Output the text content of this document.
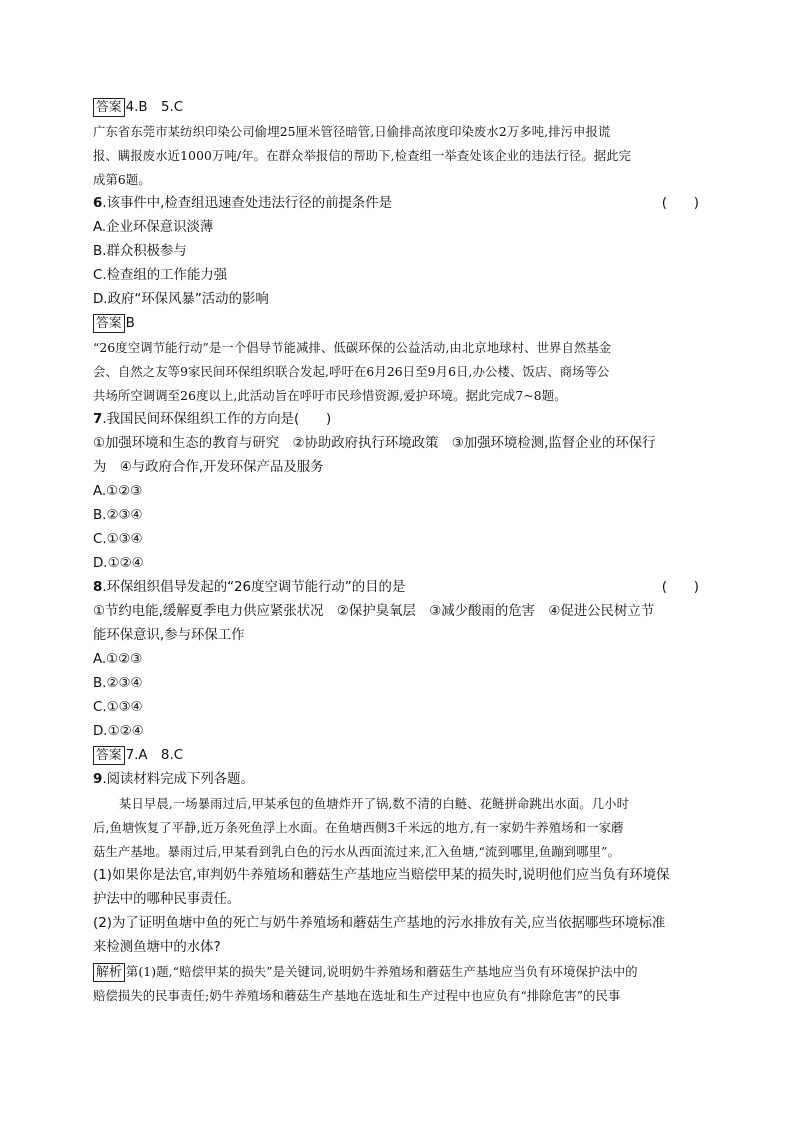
答案 4.B　5.C
广东省东莞市某纺织印染公司偷埋25厘米管径暗管,日偷排高浓度印染废水2万多吨,排污申报谎
报、瞒报废水近1000万吨/年。在群众举报信的帮助下,检查组一举查处该企业的违法行径。据此完
成第6题。
6.该事件中,检查组迅速查处违法行径的前提条件是	(　　)
A.企业环保意识淡薄
B.群众积极参与
C.检查组的工作能力强
D.政府“环保风暴”活动的影响
答案 B
“26度空调节能行动”是一个倡导节能减排、低碳环保的公益活动,由北京地球村、世界自然基金
会、自然之友等9家民间环保组织联合发起,呼吁在6月26日至9月6日,办公楼、饭店、商场等公
共场所空调调至26度以上,此活动旨在呼吁市民珍惜资源,爱护环境。据此完成7~8题。
7.我国民间环保组织工作的方向是(　　)
①加强环境和生态的教育与研究　②协助政府执行环境政策　③加强环境检测,监督企业的环保行
为　④与政府合作,开发环保产品及服务
A.①②③
B.②③④
C.①③④
D.①②④
8.环保组织倡导发起的“26度空调节能行动”的目的是	(　　)
①节约电能,缓解夏季电力供应紧张状况　②保护臭氧层　③减少酸雨的危害　④促进公民树立节
能环保意识,参与环保工作
A.①②③
B.②③④
C.①③④
D.①②④
答案 7.A　8.C
9.阅读材料完成下列各题。
某日早晨,一场暴雨过后,甲某承包的鱼塘炸开了锅,数不清的白鲢、花鲢拼命跳出水面。几小时
后,鱼塘恢复了平静,近万条死鱼浮上水面。在鱼塘西侧3千米远的地方,有一家奶牛养殖场和一家蘑
菇生产基地。暴雨过后,甲某看到乳白色的污水从西面流过来,汇入鱼塘,“流到哪里,鱼蹦到哪里”。
(1)如果你是法官,审判奶牛养殖场和蘑菇生产基地应当赔偿甲某的损失时,说明他们应当负有环境保
护法中的哪种民事责任。
(2)为了证明鱼塘中鱼的死亡与奶牛养殖场和蘑菇生产基地的污水排放有关,应当依据哪些环境标准
来检测鱼塘中的水体?
解析 第(1)题,“赔偿甲某的损失”是关键词,说明奶牛养殖场和蘑菇生产基地应当负有环境保护法中的
赔偿损失的民事责任;奶牛养殖场和蘑菇生产基地在选址和生产过程中也应负有“排除危害”的民事
